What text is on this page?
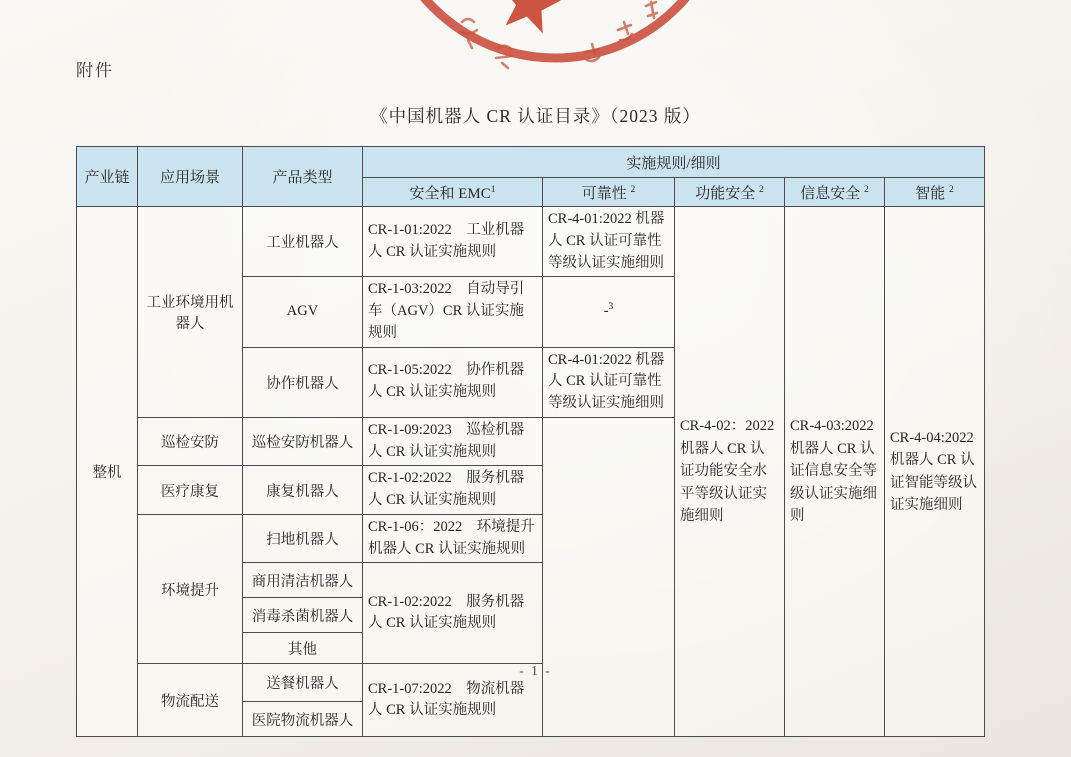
附件
《中国机器人 CR 认证目录》（2023 版）
产业链	应用场景	产品类型	实施规则/细则				
			安全和 EMC$^1$	可靠性 $^2$	功能安全 $^2$	信息安全 $^2$	智能 $^2$
整机	工业环境用机器人	工业机器人	CR-1-01:2022　工业机器人 CR 认证实施规则	CR-4-01:2022 机器人 CR 认证可靠性等级认证实施细则	CR-4-02：2022 机器人 CR 认证功能安全水平等级认证实施细则	CR-4-03:2022 机器人 CR 认证信息安全等级认证实施细则	CR-4-04:2022 机器人 CR 认证智能等级认证实施细则
		AGV	CR-1-03:2022　自动导引车（AGV）CR 认证实施规则	-$^3$
		协作机器人	CR-1-05:2022　协作机器人 CR 认证实施规则	CR-4-01:2022 机器人 CR 认证可靠性等级认证实施细则			
	巡检安防	巡检安防机器人	CR-1-09:2023　巡检机器人 CR 认证实施规则				
	医疗康复	康复机器人	CR-1-02:2022　服务机器人 CR 认证实施规则				
	环境提升	扫地机器人	CR-1-06：2022　环境提升机器人 CR 认证实施规则				
		商用清洁机器人	CR-1-02:2022　服务机器人 CR 认证实施规则				
		消毒杀菌机器人					
		其他					
	物流配送	送餐机器人	CR-1-07:2022　物流机器人 CR 认证实施规则				
		医院物流机器人					
- 1 -
